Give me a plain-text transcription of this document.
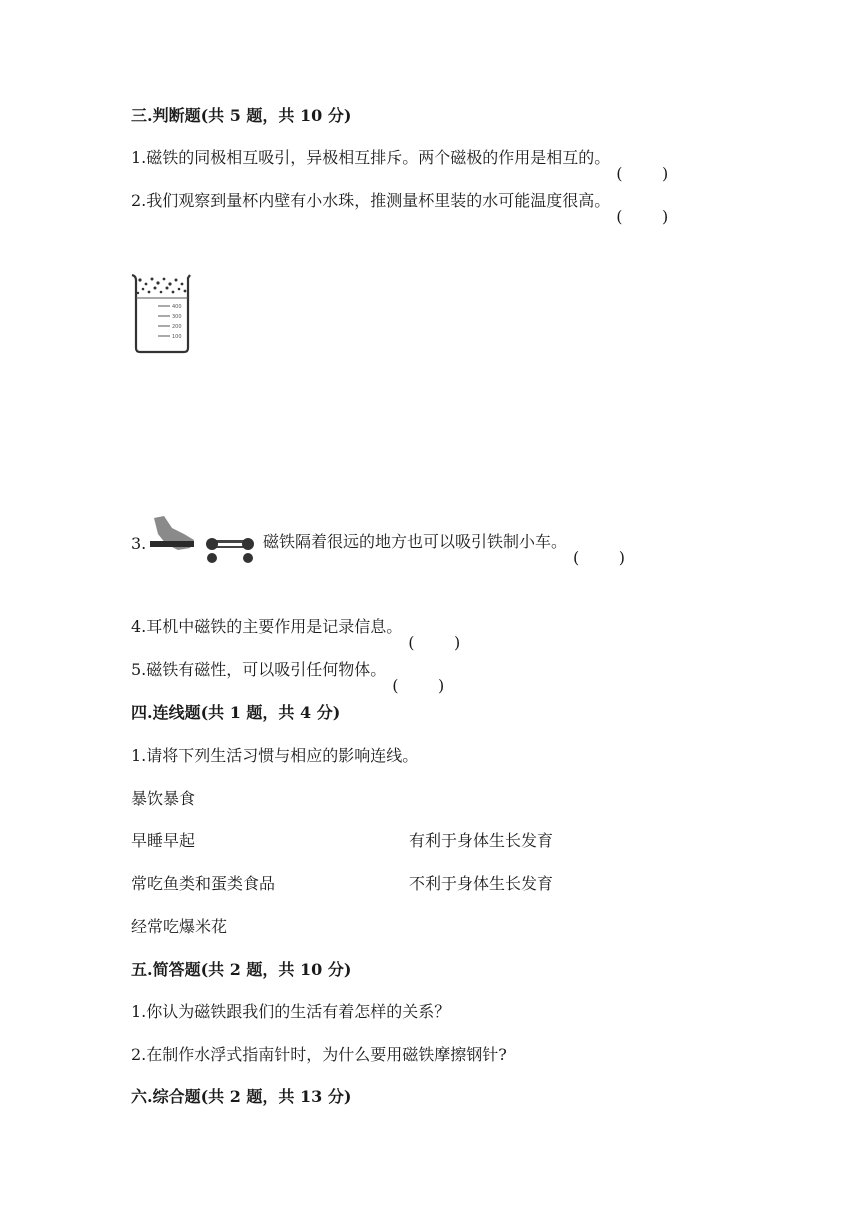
三.判断题(共 5 题，共 10 分)
1.磁铁的同极相互吸引，异极相互排斥。两个磁极的作用是相互的。
2.我们观察到量杯内壁有小水珠，推测量杯里装的水可能温度很高。
400
300
200
100
3.	磁铁隔着很远的地方也可以吸引铁制小车。
4.耳机中磁铁的主要作用是记录信息。
5.磁铁有磁性，可以吸引任何物体。
四.连线题(共 1 题，共 4 分)
1.请将下列生活习惯与相应的影响连线。
暴饮暴食
早睡早起	有利于身体生长发育
常吃鱼类和蛋类食品	不利于身体生长发育
经常吃爆米花
五.简答题(共 2 题，共 10 分)
1.你认为磁铁跟我们的生活有着怎样的关系？
2.在制作水浮式指南针时，为什么要用磁铁摩擦钢针?
六.综合题(共 2 题，共 13 分)
